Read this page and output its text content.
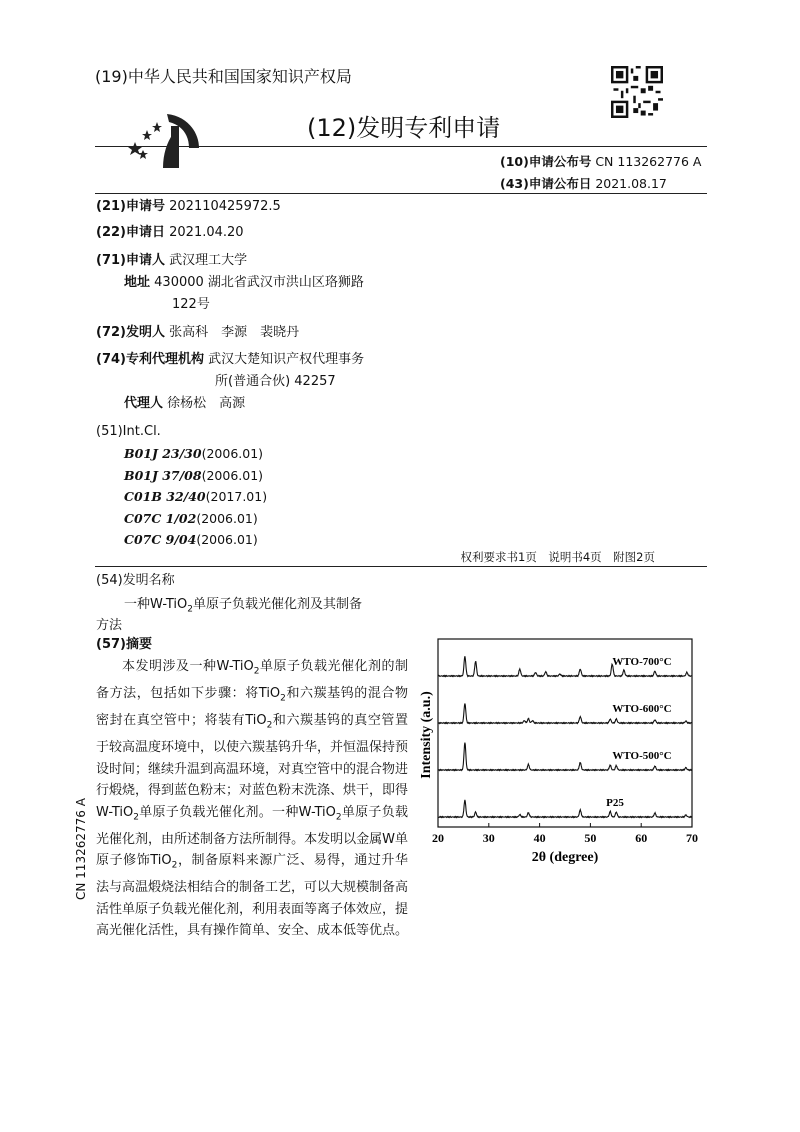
(19)中华人民共和国国家知识产权局
(12)发明专利申请
(10)申请公布号 CN 113262776 A
(43)申请公布日 2021.08.17
(21)申请号 202110425972.5
(22)申请日 2021.04.20
(71)申请人 武汉理工大学
地址 430000 湖北省武汉市洪山区珞狮路
122号
(72)发明人 张高科　李源　裴晓丹
(74)专利代理机构 武汉大楚知识产权代理事务
所(普通合伙) 42257
代理人 徐杨松　高源
(51)Int.Cl.
B01J 23/30(2006.01)
B01J 37/08(2006.01)
C01B 32/40(2017.01)
C07C 1/02(2006.01)
C07C 9/04(2006.01)
权利要求书1页　说明书4页　附图2页
(54)发明名称
一种W-TiO$_2$单原子负载光催化剂及其制备
方法
(57)摘要
本发明涉及一种W-TiO$_2$单原子负载光催化剂的制备方法，包括如下步骤：将TiO$_2$和六羰基钨的混合物密封在真空管中；将装有TiO$_2$和六羰基钨的真空管置于较高温度环境中，以使六羰基钨升华，并恒温保持预设时间；继续升温到高温环境，对真空管中的混合物进行煅烧，得到蓝色粉末；对蓝色粉末洗涤、烘干，即得W-TiO$_2$单原子负载光催化剂。一种W-TiO$_2$单原子负载光催化剂，由所述制备方法所制得。本发明以金属W单原子修饰TiO$_2$，制备原料来源广泛、易得，通过升华法与高温煅烧法相结合的制备工艺，可以大规模制备高活性单原子负载光催化剂，利用表面等离子体效应，提高光催化活性，具有操作简单、安全、成本低等优点。
CN 113262776 A	20	30	40	50	60	70
WTO-700°C
WTO-600°C
WTO-500°C
P25
Intensity (a.u.)
2θ (degree)
